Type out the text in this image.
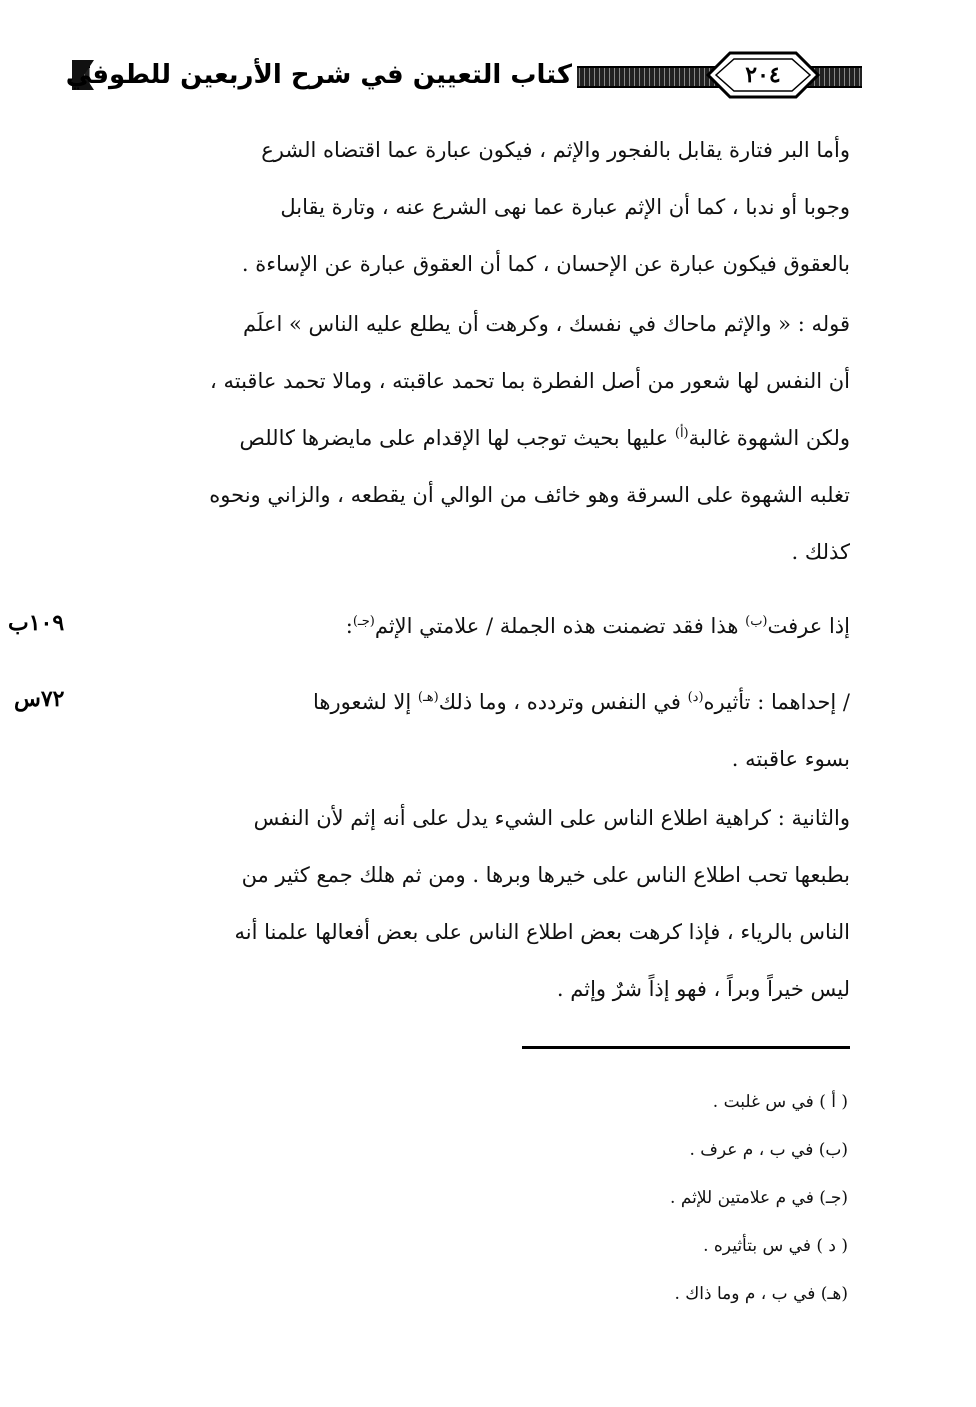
كتاب التعيين في شرح الأربعين للطوفي	٢٠٤

وأما البر فتارة يقابل بالفجور والإثم ، فيكون عبارة عما اقتضاه الشرع

وجوبا أو ندبا ، كما أن الإثم عبارة عما نهى الشرع عنه ، وتارة يقابل

بالعقوق فيكون عبارة عن الإحسان ، كما أن العقوق عبارة عن الإساءة .

قوله : « والإثم ماحاك في نفسك ، وكرهت أن يطلع عليه الناس » اعلَم

أن النفس لها شعور من أصل الفطرة بما تحمد عاقبته ، ومالا تحمد عاقبته ،

ولكن الشهوة غالبة$^{(أ)}$ عليها بحيث توجب لها الإقدام على مايضرها كاللص

تغلبه الشهوة على السرقة وهو خائف من الوالي أن يقطعه ، والزاني ونحوه

كذلك .

إذا عرفت$^{(ب)}$ هذا فقد تضمنت هذه الجملة / علامتي الإثم$^{(جـ)}$:

١٠٩ب

/ إحداهما : تأثيره$^{(د)}$ في النفس وتردده ، وما ذلك$^{(هـ)}$ إلا لشعورها

بسوء عاقبته .

٧٢س

والثانية : كراهية اطلاع الناس على الشيء يدل على أنه إثم لأن النفس

بطبعها تحب اطلاع الناس على خيرها وبرها . ومن ثم هلك جمع كثير من

الناس بالرياء ، فإذا كرهت بعض اطلاع الناس على بعض أفعالها علمنا أنه

ليس خيراً وبراً ، فهو إذاً شرٌ وإثم .

( أ ) في س غلبت .

(ب) في ب ، م عرف .

(جـ) في م علامتين للإثم .

( د ) في س بتأثيره .

(هـ) في ب ، م وما ذاك .
